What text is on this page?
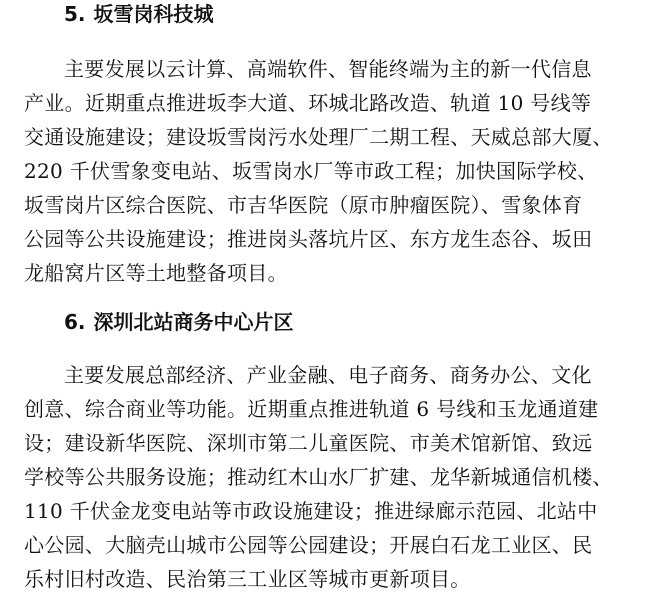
5. 坂雪岗科技城
主要发展以云计算、高端软件、智能终端为主的新一代信息
产业。近期重点推进坂李大道、环城北路改造、轨道 10 号线等
交通设施建设；建设坂雪岗污水处理厂二期工程、天威总部大厦、
220 千伏雪象变电站、坂雪岗水厂等市政工程；加快国际学校、
坂雪岗片区综合医院、市吉华医院（原市肿瘤医院）、雪象体育
公园等公共设施建设；推进岗头落坑片区、东方龙生态谷、坂田
龙船窝片区等土地整备项目。
6. 深圳北站商务中心片区
主要发展总部经济、产业金融、电子商务、商务办公、文化
创意、综合商业等功能。近期重点推进轨道 6 号线和玉龙通道建
设；建设新华医院、深圳市第二儿童医院、市美术馆新馆、致远
学校等公共服务设施；推动红木山水厂扩建、龙华新城通信机楼、
110 千伏金龙变电站等市政设施建设；推进绿廊示范园、北站中
心公园、大脑壳山城市公园等公园建设；开展白石龙工业区、民
乐村旧村改造、民治第三工业区等城市更新项目。
